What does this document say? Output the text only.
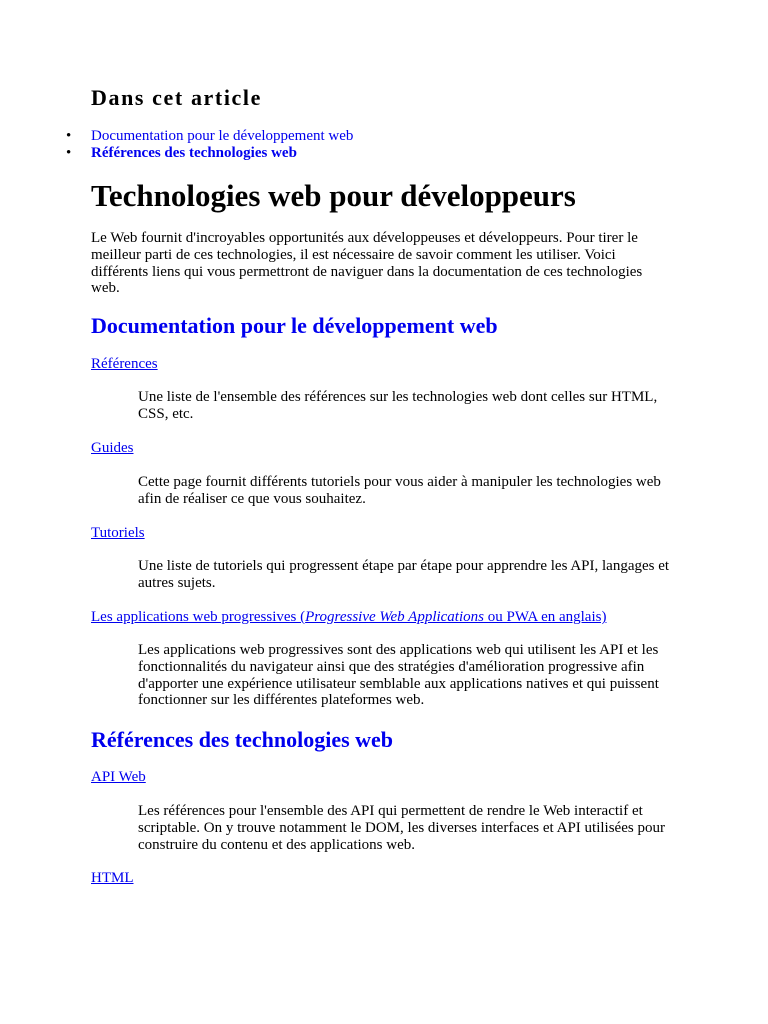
Dans cet article
• Documentation pour le développement web
• Références des technologies web
Technologies web pour développeurs

Le Web fournit d'incroyables opportunités aux développeuses et développeurs. Pour tirer le meilleur parti de ces technologies, il est nécessaire de savoir comment les utiliser. Voici différents liens qui vous permettront de naviguer dans la documentation de ces technologies web.

Documentation pour le développement web
Références

Une liste de l'ensemble des références sur les technologies web dont celles sur HTML, CSS, etc.

Guides

Cette page fournit différents tutoriels pour vous aider à manipuler les technologies web afin de réaliser ce que vous souhaitez.

Tutoriels

Une liste de tutoriels qui progressent étape par étape pour apprendre les API, langages et autres sujets.

Les applications web progressives (Progressive Web Applications ou PWA en anglais)

Les applications web progressives sont des applications web qui utilisent les API et les fonctionnalités du navigateur ainsi que des stratégies d'amélioration progressive afin d'apporter une expérience utilisateur semblable aux applications natives et qui puissent fonctionner sur les différentes plateformes web.

Références des technologies web
API Web

Les références pour l'ensemble des API qui permettent de rendre le Web interactif et scriptable. On y trouve notamment le DOM, les diverses interfaces et API utilisées pour construire du contenu et des applications web.

HTML
